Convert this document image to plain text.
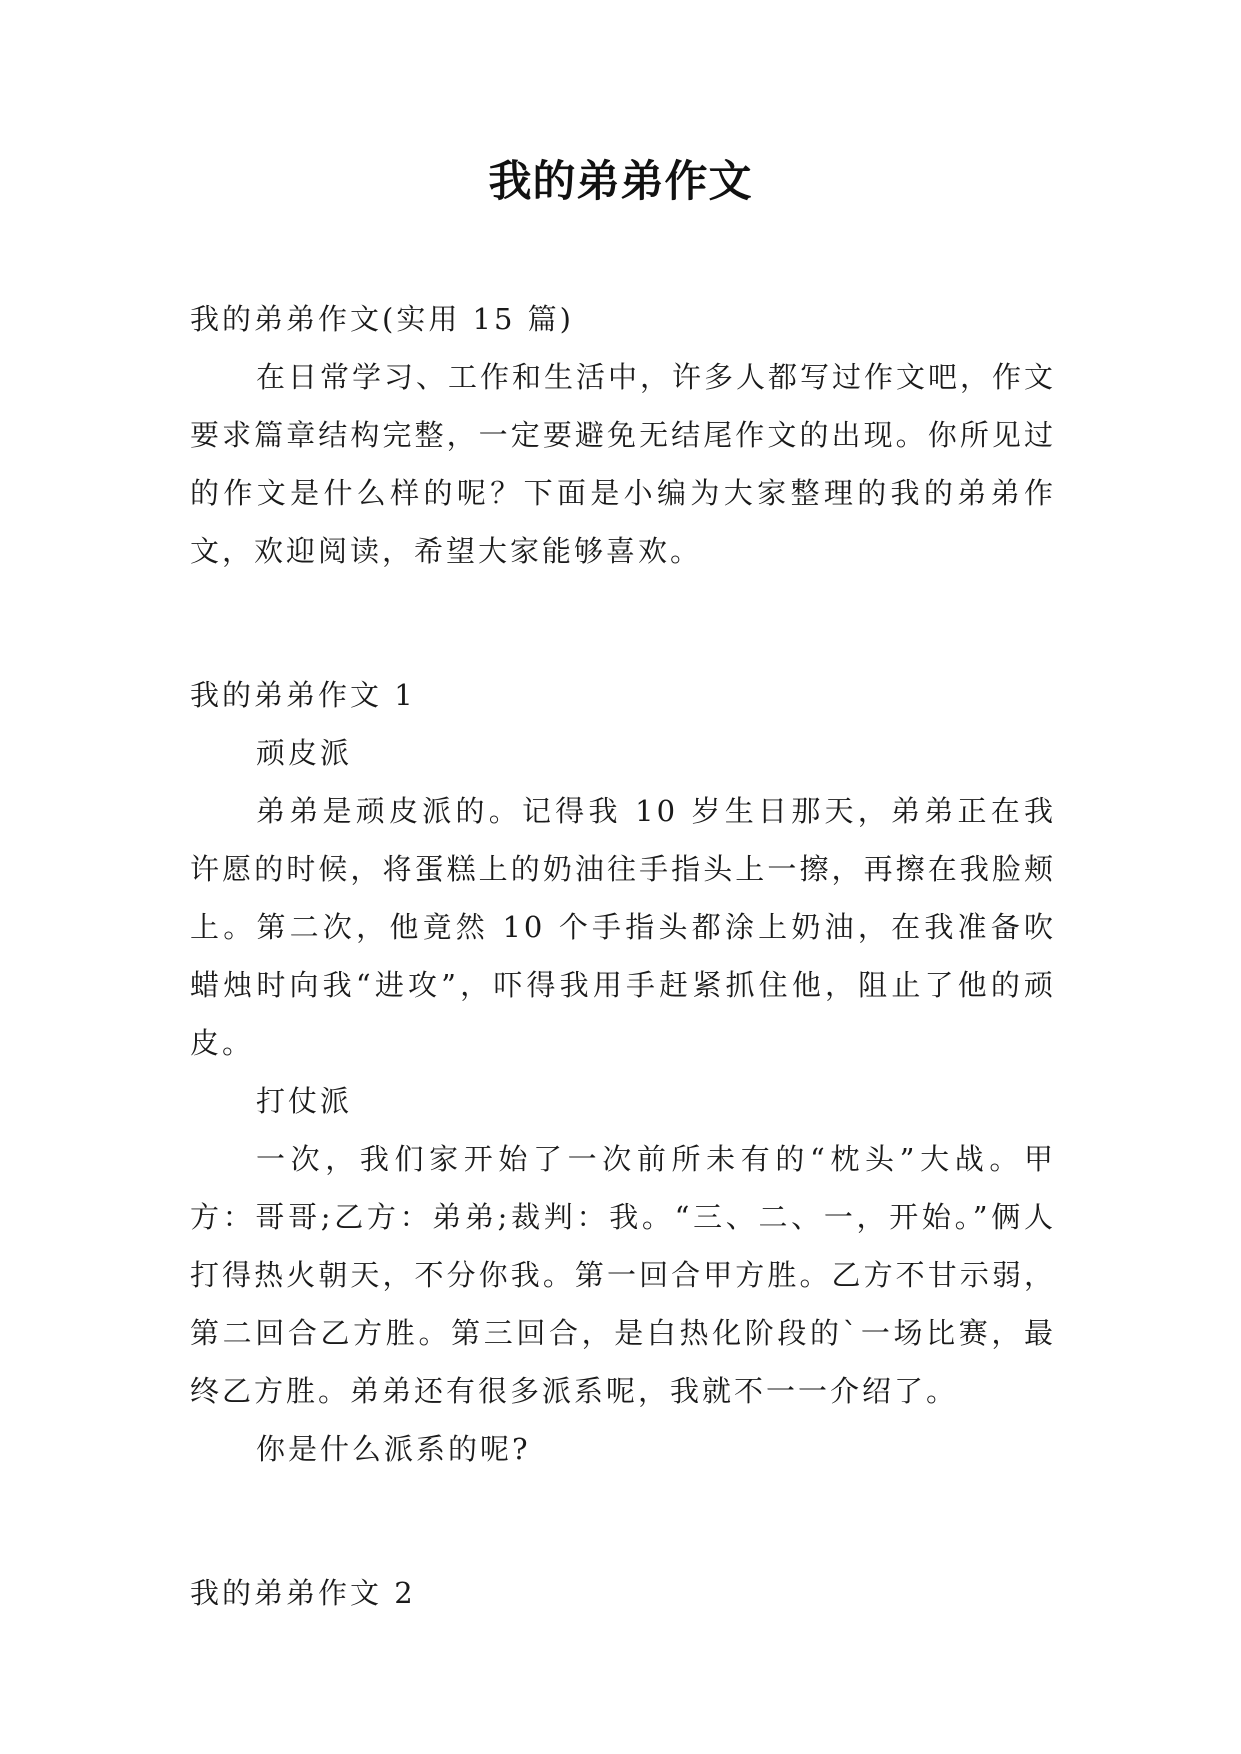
我的弟弟作文

我的弟弟作文(实用 15 篇)

在日常学习、工作和生活中，许多人都写过作文吧，作文要求篇章结构完整，一定要避免无结尾作文的出现。你所见过的作文是什么样的呢？下面是小编为大家整理的我的弟弟作文，欢迎阅读，希望大家能够喜欢。

我的弟弟作文 1

顽皮派

弟弟是顽皮派的。记得我 10 岁生日那天，弟弟正在我许愿的时候，将蛋糕上的奶油往手指头上一擦，再擦在我脸颊上。第二次，他竟然 10 个手指头都涂上奶油，在我准备吹蜡烛时向我“进攻”，吓得我用手赶紧抓住他，阻止了他的顽皮。

打仗派

一次，我们家开始了一次前所未有的“枕头”大战。甲方：哥哥;乙方：弟弟;裁判：我。“三、二、一，开始。”俩人打得热火朝天，不分你我。第一回合甲方胜。乙方不甘示弱，第二回合乙方胜。第三回合，是白热化阶段的`一场比赛，最终乙方胜。弟弟还有很多派系呢，我就不一一介绍了。

你是什么派系的呢?

我的弟弟作文 2
